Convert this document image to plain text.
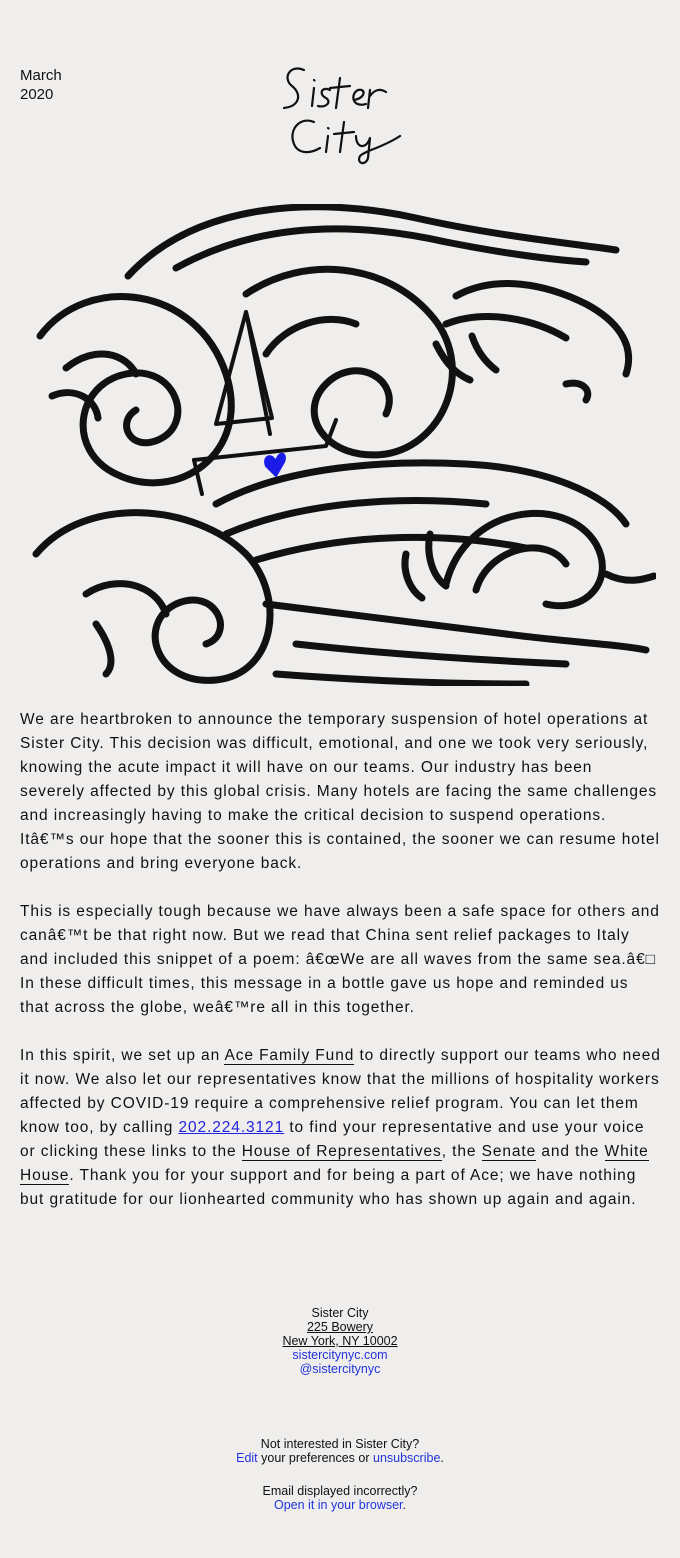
March
2020

We are heartbroken to announce the temporary suspension of hotel operations at Sister City. This decision was difficult, emotional, and one we took very seriously, knowing the acute impact it will have on our teams. Our industry has been severely affected by this global crisis. Many hotels are facing the same challenges and increasingly having to make the critical decision to suspend operations. Itâ€™s our hope that the sooner this is contained, the sooner we can resume hotel operations and bring everyone back.

This is especially tough because we have always been a safe space for others and canâ€™t be that right now. But we read that China sent relief packages to Italy and included this snippet of a poem: â€œWe are all waves from the same sea.â€□ In these difficult times, this message in a bottle gave us hope and reminded us that across the globe, weâ€™re all in this together.

In this spirit, we set up an Ace Family Fund to directly support our teams who need it now. We also let our representatives know that the millions of hospitality workers affected by COVID-19 require a comprehensive relief program. You can let them know too, by calling 202.224.3121 to find your representative and use your voice or clicking these links to the House of Representatives, the Senate and the White House. Thank you for your support and for being a part of Ace; we have nothing but gratitude for our lionhearted community who has shown up again and again.

Sister City
225 Bowery
New York, NY 10002
sistercitynyc.com
@sistercitynyc
Not interested in Sister City?
Edit your preferences or unsubscribe.
Email displayed incorrectly?
Open it in your browser.
